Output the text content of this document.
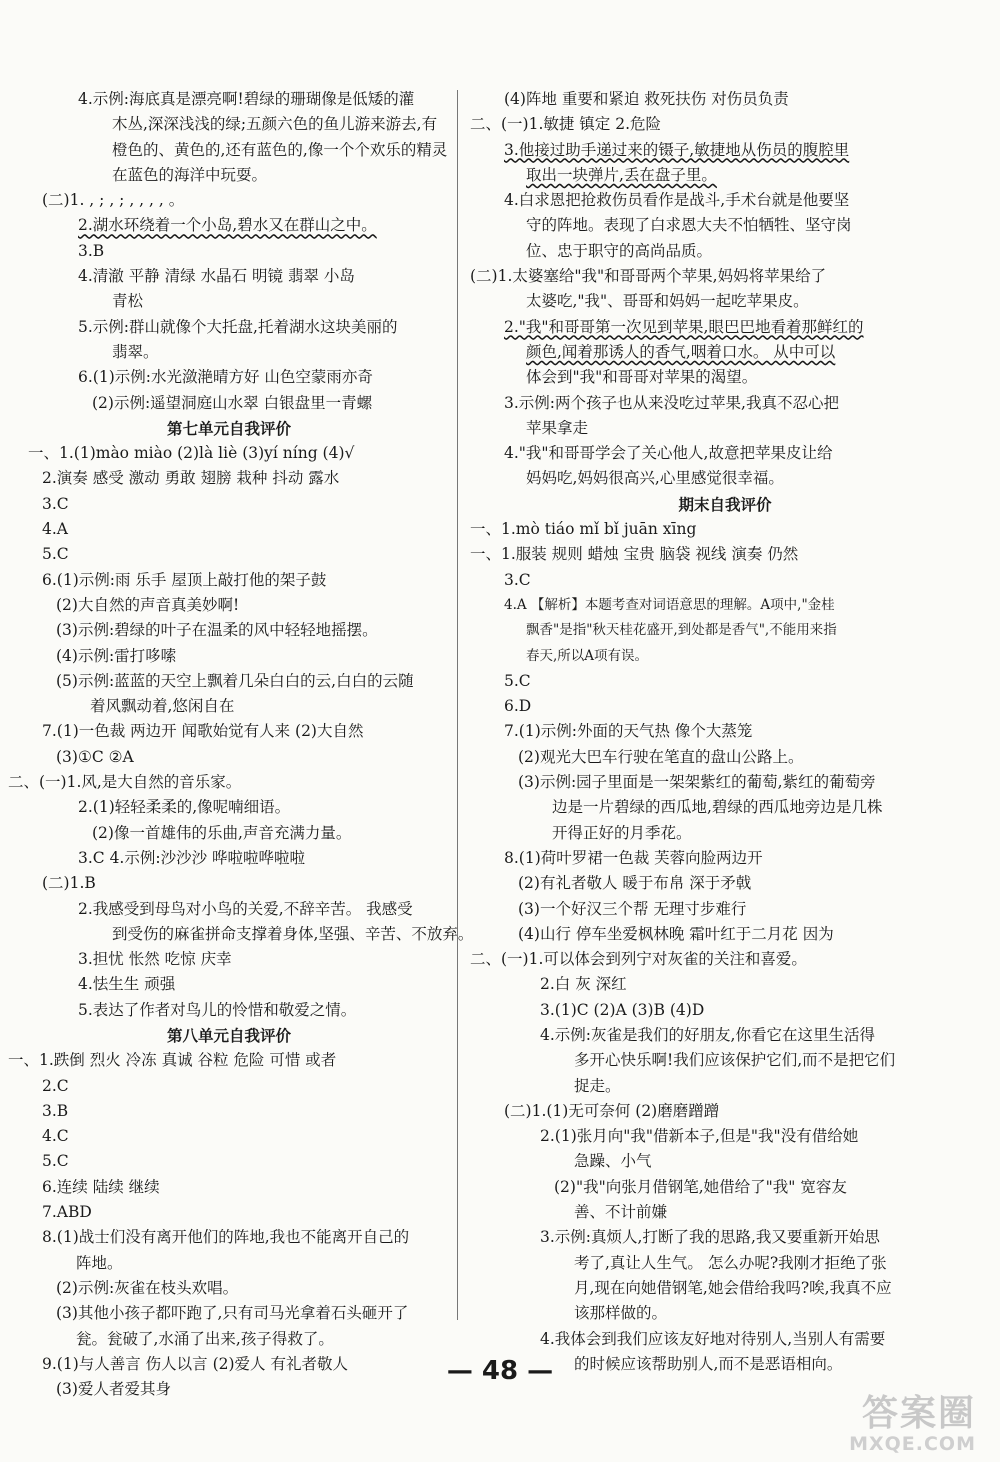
4.示例:海底真是漂亮啊!碧绿的珊瑚像是低矮的灌
木丛,深深浅浅的绿;五颜六色的鱼儿游来游去,有
橙色的、黄色的,还有蓝色的,像一个个欢乐的精灵
在蓝色的海洋中玩耍。
(二)1. , ; , ; , , , , 。
2.湖水环绕着一个小岛,碧水又在群山之中。
3.B
4.清澈 平静 清绿 水晶石 明镜 翡翠 小岛
青松
5.示例:群山就像个大托盘,托着湖水这块美丽的
翡翠。
6.(1)示例:水光潋滟晴方好 山色空蒙雨亦奇
(2)示例:遥望洞庭山水翠 白银盘里一青螺
第七单元自我评价
一、1.(1)mào miào (2)là liè (3)yí níng (4)√
2.演奏 感受 激动 勇敢 翅膀 栽种 抖动 露水
3.C
4.A
5.C
6.(1)示例:雨 乐手 屋顶上敲打他的架子鼓
(2)大自然的声音真美妙啊!
(3)示例:碧绿的叶子在温柔的风中轻轻地摇摆。
(4)示例:雷打哆嗦
(5)示例:蓝蓝的天空上飘着几朵白白的云,白白的云随
着风飘动着,悠闲自在
7.(1)一色裁 两边开 闻歌始觉有人来 (2)大自然
(3)①C ②A
二、(一)1.风,是大自然的音乐家。
2.(1)轻轻柔柔的,像呢喃细语。
(2)像一首雄伟的乐曲,声音充满力量。
3.C 4.示例:沙沙沙 哗啦啦哗啦啦
(二)1.B
2.我感受到母鸟对小鸟的关爱,不辞辛苦。 我感受
到受伤的麻雀拼命支撑着身体,坚强、辛苦、不放弃。
3.担忧 怅然 吃惊 庆幸
4.怯生生 顽强
5.表达了作者对鸟儿的怜惜和敬爱之情。
第八单元自我评价
一、1.跌倒 烈火 冷冻 真诚 谷粒 危险 可惜 或者
2.C
3.B
4.C
5.C
6.连续 陆续 继续
7.ABD
8.(1)战士们没有离开他们的阵地,我也不能离开自己的
阵地。
(2)示例:灰雀在枝头欢唱。
(3)其他小孩子都吓跑了,只有司马光拿着石头砸开了
瓮。瓮破了,水涌了出来,孩子得救了。
9.(1)与人善言 伤人以言 (2)爱人 有礼者敬人
(3)爱人者爱其身
(4)阵地 重要和紧迫 救死扶伤 对伤员负责
二、(一)1.敏捷 镇定 2.危险
3.他接过助手递过来的镊子,敏捷地从伤员的腹腔里
取出一块弹片,丢在盘子里。
4.白求恩把抢救伤员看作是战斗,手术台就是他要坚
守的阵地。表现了白求恩大夫不怕牺牲、坚守岗
位、忠于职守的高尚品质。
(二)1.太婆塞给"我"和哥哥两个苹果,妈妈将苹果给了
太婆吃,"我"、哥哥和妈妈一起吃苹果皮。
2."我"和哥哥第一次见到苹果,眼巴巴地看着那鲜红的
颜色,闻着那诱人的香气,咽着口水。 从中可以
体会到"我"和哥哥对苹果的渴望。
3.示例:两个孩子也从来没吃过苹果,我真不忍心把
苹果拿走
4."我"和哥哥学会了关心他人,故意把苹果皮让给
妈妈吃,妈妈很高兴,心里感觉很幸福。
期末自我评价
一、1.mò tiáo mǐ bǐ juān xīng
一、1.服装 规则 蜡烛 宝贵 脑袋 视线 演奏 仍然
3.C
4.A 【解析】本题考查对词语意思的理解。A项中,"金桂
飘香"是指"秋天桂花盛开,到处都是香气",不能用来指
春天,所以A项有误。
5.C
6.D
7.(1)示例:外面的天气热 像个大蒸笼
(2)观光大巴车行驶在笔直的盘山公路上。
(3)示例:园子里面是一架架紫红的葡萄,紫红的葡萄旁
边是一片碧绿的西瓜地,碧绿的西瓜地旁边是几株
开得正好的月季花。
8.(1)荷叶罗裙一色裁 芙蓉向脸两边开
(2)有礼者敬人 暖于布帛 深于矛戟
(3)一个好汉三个帮 无理寸步难行
(4)山行 停车坐爱枫林晚 霜叶红于二月花 因为
二、(一)1.可以体会到列宁对灰雀的关注和喜爱。
2.白 灰 深红
3.(1)C (2)A (3)B (4)D
4.示例:灰雀是我们的好朋友,你看它在这里生活得
多开心快乐啊!我们应该保护它们,而不是把它们
捉走。
(二)1.(1)无可奈何 (2)磨磨蹭蹭
2.(1)张月向"我"借新本子,但是"我"没有借给她
急躁、小气
(2)"我"向张月借钢笔,她借给了"我" 宽容友
善、不计前嫌
3.示例:真烦人,打断了我的思路,我又要重新开始思
考了,真让人生气。 怎么办呢?我刚才拒绝了张
月,现在向她借钢笔,她会借给我吗?唉,我真不应
该那样做的。
4.我体会到我们应该友好地对待别人,当别人有需要
的时候应该帮助别人,而不是恶语相向。
— 48 —
答案圈
MXQE.COM
